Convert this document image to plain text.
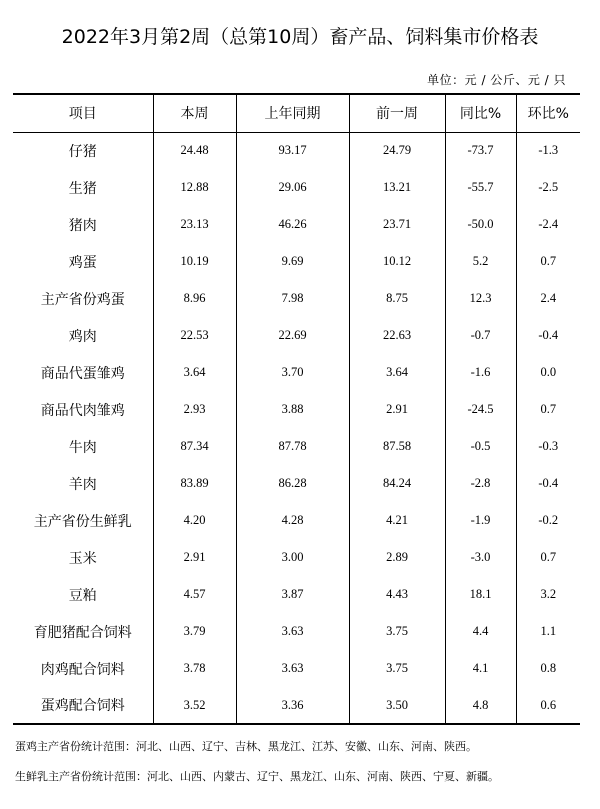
2022年3月第2周（总第10周）畜产品、饲料集市价格表
单位：元 / 公斤、元 / 只
项目	本周	上年同期	前一周	同比%	环比%
仔猪	24.48	93.17	24.79	-73.7	-1.3
生猪	12.88	29.06	13.21	-55.7	-2.5
猪肉	23.13	46.26	23.71	-50.0	-2.4
鸡蛋	10.19	9.69	10.12	5.2	0.7
主产省份鸡蛋	8.96	7.98	8.75	12.3	2.4
鸡肉	22.53	22.69	22.63	-0.7	-0.4
商品代蛋雏鸡	3.64	3.70	3.64	-1.6	0.0
商品代肉雏鸡	2.93	3.88	2.91	-24.5	0.7
牛肉	87.34	87.78	87.58	-0.5	-0.3
羊肉	83.89	86.28	84.24	-2.8	-0.4
主产省份生鲜乳	4.20	4.28	4.21	-1.9	-0.2
玉米	2.91	3.00	2.89	-3.0	0.7
豆粕	4.57	3.87	4.43	18.1	3.2
育肥猪配合饲料	3.79	3.63	3.75	4.4	1.1
肉鸡配合饲料	3.78	3.63	3.75	4.1	0.8
蛋鸡配合饲料	3.52	3.36	3.50	4.8	0.6
蛋鸡主产省份统计范围：河北、山西、辽宁、吉林、黑龙江、江苏、安徽、山东、河南、陕西。
生鲜乳主产省份统计范围：河北、山西、内蒙古、辽宁、黑龙江、山东、河南、陕西、宁夏、新疆。
